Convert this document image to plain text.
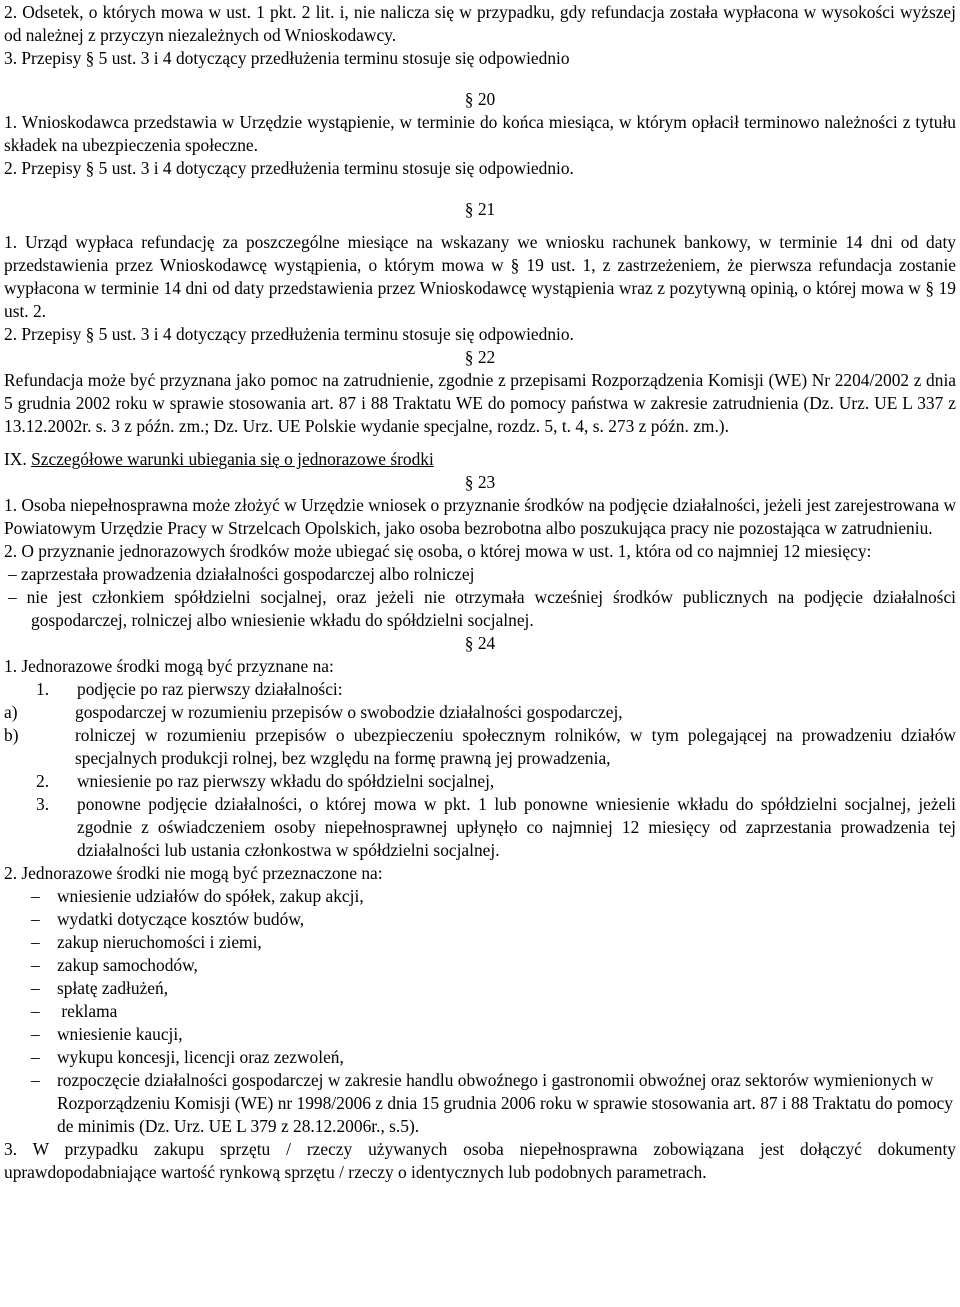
2. Odsetek, o których mowa w ust. 1 pkt. 2 lit. i, nie nalicza się w przypadku, gdy refundacja została wypłacona w wysokości wyższej od należnej z przyczyn niezależnych od Wnioskodawcy.

3. Przepisy § 5 ust. 3 i 4 dotyczący przedłużenia terminu stosuje się odpowiednio

§ 20

1. Wnioskodawca przedstawia w Urzędzie wystąpienie, w terminie do końca miesiąca, w którym opłacił terminowo należności z tytułu składek na ubezpieczenia społeczne.

2. Przepisy § 5 ust. 3 i 4 dotyczący przedłużenia terminu stosuje się odpowiednio.

§ 21

1. Urząd wypłaca refundację za poszczególne miesiące na wskazany we wniosku rachunek bankowy, w terminie 14 dni od daty przedstawienia przez Wnioskodawcę wystąpienia, o którym mowa w § 19 ust. 1, z zastrzeżeniem, że pierwsza refundacja zostanie wypłacona w terminie 14 dni od daty przedstawienia przez Wnioskodawcę wystąpienia wraz z pozytywną opinią, o której mowa w § 19 ust. 2.

2. Przepisy § 5 ust. 3 i 4 dotyczący przedłużenia terminu stosuje się odpowiednio.

§ 22

Refundacja może być przyznana jako pomoc na zatrudnienie, zgodnie z przepisami Rozporządzenia Komisji (WE) Nr 2204/2002 z dnia 5 grudnia 2002 roku w sprawie stosowania art. 87 i 88 Traktatu WE do pomocy państwa w zakresie zatrudnienia (Dz. Urz. UE L 337 z 13.12.2002r. s. 3 z późn. zm.; Dz. Urz. UE Polskie wydanie specjalne, rozdz. 5, t. 4, s. 273 z późn. zm.).

IX. Szczegółowe warunki ubiegania się o jednorazowe środki

§ 23

1. Osoba niepełnosprawna może złożyć w Urzędzie wniosek o przyznanie środków na podjęcie działalności, jeżeli jest zarejestrowana w Powiatowym Urzędzie Pracy w Strzelcach Opolskich, jako osoba bezrobotna albo poszukująca pracy nie pozostająca w zatrudnieniu.

2. O przyznanie jednorazowych środków może ubiegać się osoba, o której mowa w ust. 1, która od co najmniej 12 miesięcy:

– zaprzestała prowadzenia działalności gospodarczej albo rolniczej

– nie jest członkiem spółdzielni socjalnej, oraz jeżeli nie otrzymała wcześniej środków publicznych na podjęcie działalności gospodarczej, rolniczej albo wniesienie wkładu do spółdzielni socjalnej.

§ 24

1. Jednorazowe środki mogą być przyznane na:

1.	podjęcie po raz pierwszy działalności:
a)	gospodarczej w rozumieniu przepisów o swobodzie działalności gospodarczej,
b)	rolniczej w rozumieniu przepisów o ubezpieczeniu społecznym rolników, w tym polegającej na prowadzeniu działów specjalnych produkcji rolnej, bez względu na formę prawną jej prowadzenia,
2.	wniesienie po raz pierwszy wkładu do spółdzielni socjalnej,
3.	ponowne podjęcie działalności, o której mowa w pkt. 1 lub ponowne wniesienie wkładu do spółdzielni socjalnej, jeżeli zgodnie z oświadczeniem osoby niepełnosprawnej upłynęło co najmniej 12 miesięcy od zaprzestania prowadzenia tej działalności lub ustania członkostwa w spółdzielni socjalnej.

2. Jednorazowe środki nie mogą być przeznaczone na:

– wniesienie udziałów do spółek, zakup akcji,
– wydatki dotyczące kosztów budów,
– zakup nieruchomości i ziemi,
– zakup samochodów,
– spłatę zadłużeń,
– reklama
– wniesienie kaucji,
– wykupu koncesji, licencji oraz zezwoleń,
– rozpoczęcie działalności gospodarczej w zakresie handlu obwoźnego i gastronomii obwoźnej oraz sektorów wymienionych w Rozporządzeniu Komisji (WE) nr 1998/2006 z dnia 15 grudnia 2006 roku w sprawie stosowania art. 87 i 88 Traktatu do pomocy de minimis (Dz. Urz. UE L 379 z 28.12.2006r., s.5).

3. W przypadku zakupu sprzętu / rzeczy używanych osoba niepełnosprawna zobowiązana jest dołączyć dokumenty uprawdopodabniające wartość rynkową sprzętu / rzeczy o identycznych lub podobnych parametrach.
